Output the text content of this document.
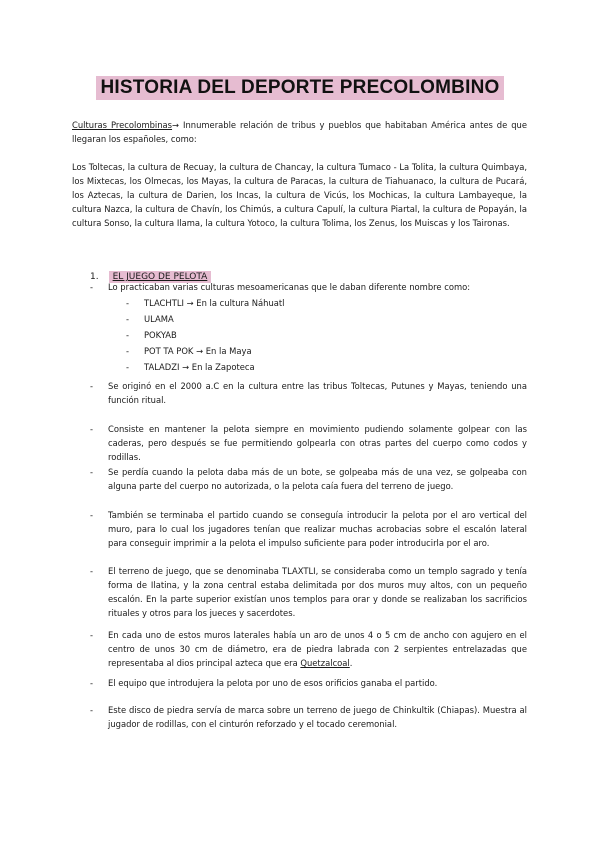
HISTORIA DEL DEPORTE PRECOLOMBINO
Culturas Precolombinas→ Innumerable relación de tribus y pueblos que habitaban América antes de que llegaran los españoles, como:
Los Toltecas, la cultura de Recuay, la cultura de Chancay, la cultura Tumaco - La Tolita, la cultura Quimbaya, los Mixtecas, los Olmecas, los Mayas, la cultura de Paracas, la cultura de Tiahuanaco, la cultura de Pucará, los Aztecas, la cultura de Darien, los Incas, la cultura de Vicús, los Mochicas, la cultura Lambayeque, la cultura Nazca, la cultura de Chavín, los Chimús, a cultura Capulí, la cultura Piartal, la cultura de Popayán, la cultura Sonso, la cultura Ilama, la cultura Yotoco, la cultura Tolima, los Zenus, los Muiscas y los Taironas.
1. EL JUEGO DE PELOTA
- Lo practicaban varias culturas mesoamericanas que le daban diferente nombre como:
- TLACHTLI → En la cultura Náhuatl
- ULAMA
- POKYAB
- POT TA POK → En la Maya
- TALADZI → En la Zapoteca
- Se originó en el 2000 a.C en la cultura entre las tribus Toltecas, Putunes y Mayas, teniendo una función ritual.
- Consiste en mantener la pelota siempre en movimiento pudiendo solamente golpear con las caderas, pero después se fue permitiendo golpearla con otras partes del cuerpo como codos y rodillas.
- Se perdía cuando la pelota daba más de un bote, se golpeaba más de una vez, se golpeaba con alguna parte del cuerpo no autorizada, o la pelota caía fuera del terreno de juego.
- También se terminaba el partido cuando se conseguía introducir la pelota por el aro vertical del muro, para lo cual los jugadores tenían que realizar muchas acrobacias sobre el escalón lateral para conseguir imprimir a la pelota el impulso suficiente para poder introducirla por el aro.
- El terreno de juego, que se denominaba TLAXTLI, se consideraba como un templo sagrado y tenía forma de Ilatina, y la zona central estaba delimitada por dos muros muy altos, con un pequeño escalón. En la parte superior existían unos templos para orar y donde se realizaban los sacrificios rituales y otros para los jueces y sacerdotes.
- En cada uno de estos muros laterales había un aro de unos 4 o 5 cm de ancho con agujero en el centro de unos 30 cm de diámetro, era de piedra labrada con 2 serpientes entrelazadas que representaba al dios principal azteca que era Quetzalcoal.
- El equipo que introdujera la pelota por uno de esos orificios ganaba el partido.
- Este disco de piedra servía de marca sobre un terreno de juego de Chinkultik (Chiapas). Muestra al jugador de rodillas, con el cinturón reforzado y el tocado ceremonial.
